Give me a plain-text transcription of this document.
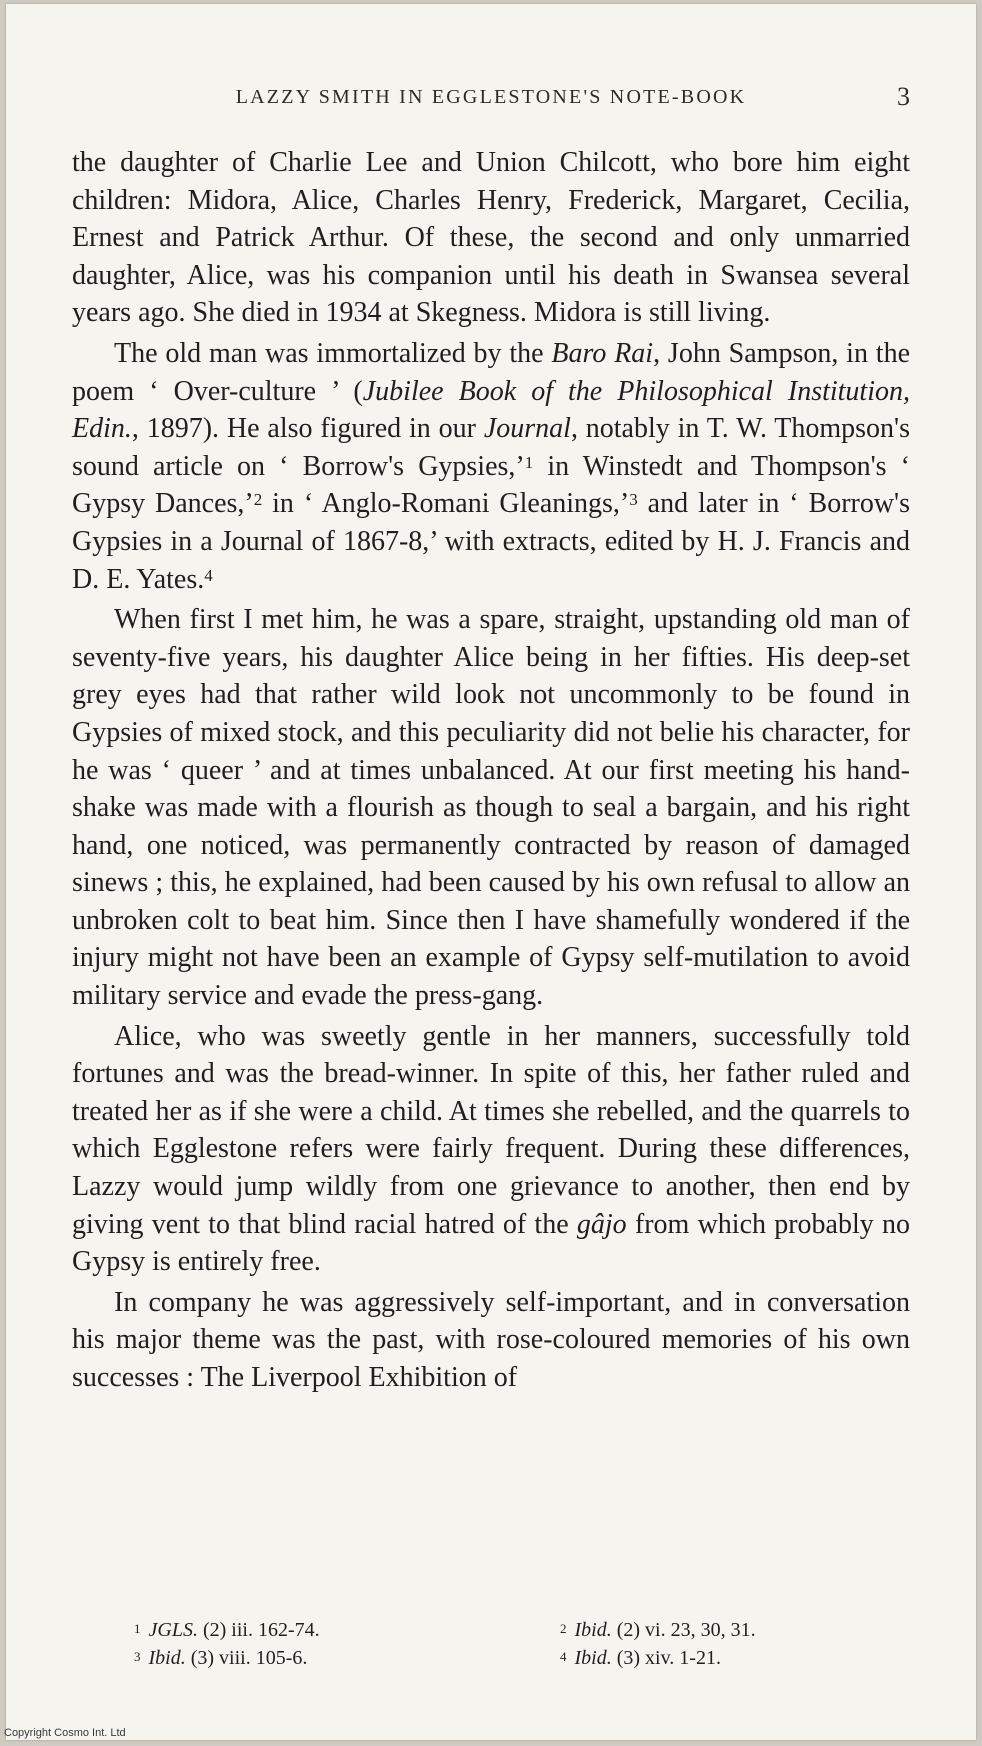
LAZZY SMITH IN EGGLESTONE'S NOTE-BOOK	3

the daughter of Charlie Lee and Union Chilcott, who bore him eight children: Midora, Alice, Charles Henry, Frederick, Margaret, Cecilia, Ernest and Patrick Arthur. Of these, the second and only unmarried daughter, Alice, was his companion until his death in Swansea several years ago. She died in 1934 at Skegness. Midora is still living.

The old man was immortalized by the Baro Rai, John Sampson, in the poem ‘ Over-culture ’ (Jubilee Book of the Philosophical Institution, Edin., 1897). He also figured in our Journal, notably in T. W. Thompson's sound article on ‘ Borrow's Gypsies,’$^1$ in Winstedt and Thompson's ‘ Gypsy Dances,’$^2$ in ‘ Anglo-Romani Gleanings,’$^3$ and later in ‘ Borrow's Gypsies in a Journal of 1867-8,’ with extracts, edited by H. J. Francis and D. E. Yates.$^4$

When first I met him, he was a spare, straight, upstanding old man of seventy-five years, his daughter Alice being in her fifties. His deep-set grey eyes had that rather wild look not uncommonly to be found in Gypsies of mixed stock, and this peculiarity did not belie his character, for he was ‘ queer ’ and at times unbalanced. At our first meeting his hand-shake was made with a flourish as though to seal a bargain, and his right hand, one noticed, was permanently contracted by reason of damaged sinews ; this, he explained, had been caused by his own refusal to allow an unbroken colt to beat him. Since then I have shamefully wondered if the injury might not have been an example of Gypsy self-mutilation to avoid military service and evade the press-gang.

Alice, who was sweetly gentle in her manners, successfully told fortunes and was the bread-winner. In spite of this, her father ruled and treated her as if she were a child. At times she rebelled, and the quarrels to which Egglestone refers were fairly frequent. During these differences, Lazzy would jump wildly from one grievance to another, then end by giving vent to that blind racial hatred of the gâjo from which probably no Gypsy is entirely free.

In company he was aggressively self-important, and in conversation his major theme was the past, with rose-coloured memories of his own successes : The Liverpool Exhibition of

$^1$ JGLS. (2) iii. 162-74.	$^2$ Ibid. (2) vi. 23, 30, 31.
$^3$ Ibid. (3) viii. 105-6.	$^4$ Ibid. (3) xiv. 1-21.
Copyright Cosmo Int. Ltd
